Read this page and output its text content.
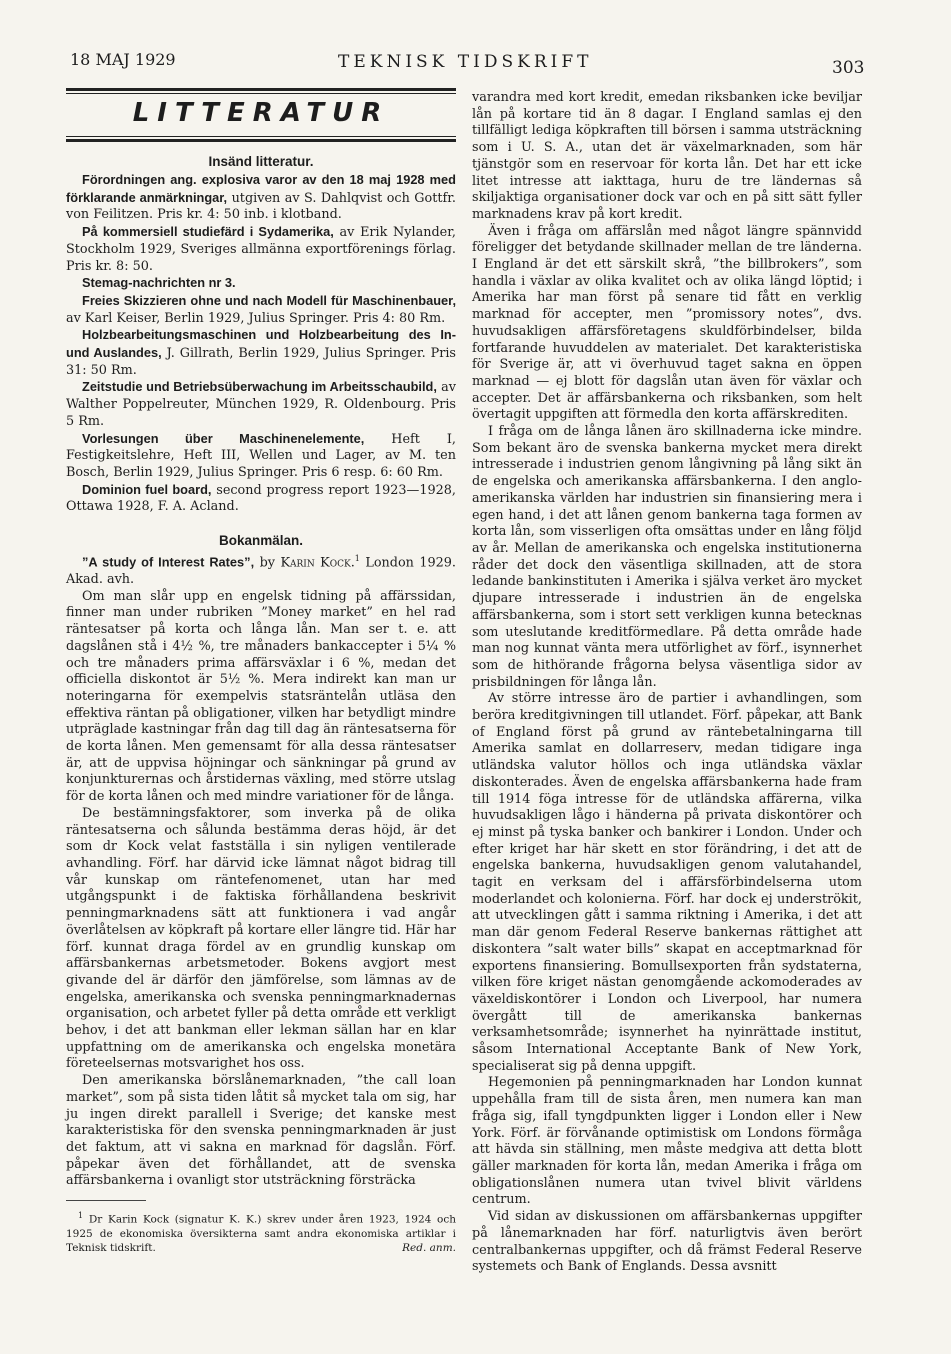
18 MAJ 1929	TEKNISK TIDSKRIFT	303
LITTERATUR
Insänd litteratur.

Förordningen ang. explosiva varor av den 18 maj 1928 med förklarande anmärkningar, utgiven av S. Dahlqvist och Gottfr. von Feilitzen. Pris kr. 4: 50 inb. i klotband.

På kommersiell studiefärd i Sydamerika, av Erik Nylander, Stockholm 1929, Sveriges allmänna exportförenings förlag. Pris kr. 8: 50.

Stemag-nachrichten nr 3.

Freies Skizzieren ohne und nach Modell für Maschinenbauer, av Karl Keiser, Berlin 1929, Julius Springer. Pris 4: 80 Rm.

Holzbearbeitungsmaschinen und Holzbearbeitung des In- und Auslandes, J. Gillrath, Berlin 1929, Julius Springer. Pris 31: 50 Rm.

Zeitstudie und Betriebsüberwachung im Arbeitsschaubild, av Walther Poppelreuter, München 1929, R. Oldenbourg. Pris 5 Rm.

Vorlesungen über Maschinenelemente, Heft I, Festigkeitslehre, Heft III, Wellen und Lager, av M. ten Bosch, Berlin 1929, Julius Springer. Pris 6 resp. 6: 60 Rm.

Dominion fuel board, second progress report 1923—1928, Ottawa 1928, F. A. Acland.

Bokanmälan.

”A study of Interest Rates”, by Karin Kock.$^1$ London 1929. Akad. avh.

Om man slår upp en engelsk tidning på affärssidan, finner man under rubriken ”Money market” en hel rad räntesatser på korta och långa lån. Man ser t. e. att dagslånen stå i 4½ %, tre månaders bankaccepter i 5¼ % och tre månaders prima affärsväxlar i 6 %, medan det officiella diskontot är 5½ %. Mera indirekt kan man ur noteringarna för exempelvis statsräntelån utläsa den effektiva räntan på obligationer, vilken har betydligt mindre utpräglade kastningar från dag till dag än räntesatserna för de korta lånen. Men gemensamt för alla dessa räntesatser är, att de uppvisa höjningar och sänkningar på grund av konjunkturernas och årstidernas växling, med större utslag för de korta lånen och med mindre variationer för de långa.

De bestämningsfaktorer, som inverka på de olika räntesatserna och sålunda bestämma deras höjd, är det som dr Kock velat fastställa i sin nyligen ventilerade avhandling. Förf. har därvid icke lämnat något bidrag till vår kunskap om räntefenomenet, utan har med utgångspunkt i de faktiska förhållandena beskrivit penningmarknadens sätt att funktionera i vad angår överlåtelsen av köpkraft på kortare eller längre tid. Här har förf. kunnat draga fördel av en grundlig kunskap om affärsbankernas arbetsmetoder. Bokens avgjort mest givande del är därför den jämförelse, som lämnas av de engelska, amerikanska och svenska penningmarknadernas organisation, och arbetet fyller på detta område ett verkligt behov, i det att bankman eller lekman sällan har en klar uppfattning om de amerikanska och engelska monetära företeelsernas motsvarighet hos oss.

Den amerikanska börslånemarknaden, ”the call loan market”, som på sista tiden låtit så mycket tala om sig, har ju ingen direkt parallell i Sverige; det kanske mest karakteristiska för den svenska penningmarknaden är just det faktum, att vi sakna en marknad för dagslån. Förf. påpekar även det förhållandet, att de svenska affärsbankerna i ovanligt stor utsträckning försträcka

$^1$ Dr Karin Kock (signatur K. K.) skrev under åren 1923, 1924 och 1925 de ekonomiska översikterna samt andra ekonomiska artiklar i Teknisk tidskrift.	Red. anm.

varandra med kort kredit, emedan riksbanken icke beviljar lån på kortare tid än 8 dagar. I England samlas ej den tillfälligt lediga köpkraften till börsen i samma utsträckning som i U. S. A., utan det är växelmarknaden, som här tjänstgör som en reservoar för korta lån. Det har ett icke litet intresse att iakttaga, huru de tre ländernas så skiljaktiga organisationer dock var och en på sitt sätt fyller marknadens krav på kort kredit.

Även i fråga om affärslån med något längre spännvidd föreligger det betydande skillnader mellan de tre länderna. I England är det ett särskilt skrå, ”the billbrokers”, som handla i växlar av olika kvalitet och av olika längd löptid; i Amerika har man först på senare tid fått en verklig marknad för accepter, men ”promissory notes”, dvs. huvudsakligen affärsföretagens skuldförbindelser, bilda fortfarande huvuddelen av materialet. Det karakteristiska för Sverige är, att vi överhuvud taget sakna en öppen marknad — ej blott för dagslån utan även för växlar och accepter. Det är affärsbankerna och riksbanken, som helt övertagit uppgiften att förmedla den korta affärskrediten.

I fråga om de långa lånen äro skillnaderna icke mindre. Som bekant äro de svenska bankerna mycket mera direkt intresserade i industrien genom långivning på lång sikt än de engelska och amerikanska affärsbankerna. I den anglo-amerikanska världen har industrien sin finansiering mera i egen hand, i det att lånen genom bankerna taga formen av korta lån, som visserligen ofta omsättas under en lång följd av år. Mellan de amerikanska och engelska institutionerna råder det dock den väsentliga skillnaden, att de stora ledande bankinstituten i Amerika i själva verket äro mycket djupare intresserade i industrien än de engelska affärsbankerna, som i stort sett verkligen kunna betecknas som uteslutande kreditförmedlare. På detta område hade man nog kunnat vänta mera utförlighet av förf., isynnerhet som de hithörande frågorna belysa väsentliga sidor av prisbildningen för långa lån.

Av större intresse äro de partier i avhandlingen, som beröra kreditgivningen till utlandet. Förf. påpekar, att Bank of England först på grund av räntebetalningarna till Amerika samlat en dollarreserv, medan tidigare inga utländska valutor höllos och inga utländska växlar diskonterades. Även de engelska affärsbankerna hade fram till 1914 föga intresse för de utländska affärerna, vilka huvudsakligen lågo i händerna på privata diskontörer och ej minst på tyska banker och bankirer i London. Under och efter kriget har här skett en stor förändring, i det att de engelska bankerna, huvudsakligen genom valutahandel, tagit en verksam del i affärsförbindelserna utom moderlandet och kolonierna. Förf. har dock ej underströkit, att utvecklingen gått i samma riktning i Amerika, i det att man där genom Federal Reserve bankernas rättighet att diskontera ”salt water bills” skapat en acceptmarknad för exportens finansiering. Bomullsexporten från sydstaterna, vilken före kriget nästan genomgående ackomoderades av växeldiskontörer i London och Liverpool, har numera övergått till de amerikanska bankernas verksamhetsområde; isynnerhet ha nyinrättade institut, såsom International Acceptante Bank of New York, specialiserat sig på denna uppgift.

Hegemonien på penningmarknaden har London kunnat uppehålla fram till de sista åren, men numera kan man fråga sig, ifall tyngdpunkten ligger i London eller i New York. Förf. är förvånande optimistisk om Londons förmåga att hävda sin ställning, men måste medgiva att detta blott gäller marknaden för korta lån, medan Amerika i fråga om obligationslånen numera utan tvivel blivit världens centrum.

Vid sidan av diskussionen om affärsbankernas uppgifter på lånemarknaden har förf. naturligtvis även berört centralbankernas uppgifter, och då främst Federal Reserve systemets och Bank of Englands. Dessa avsnitt
